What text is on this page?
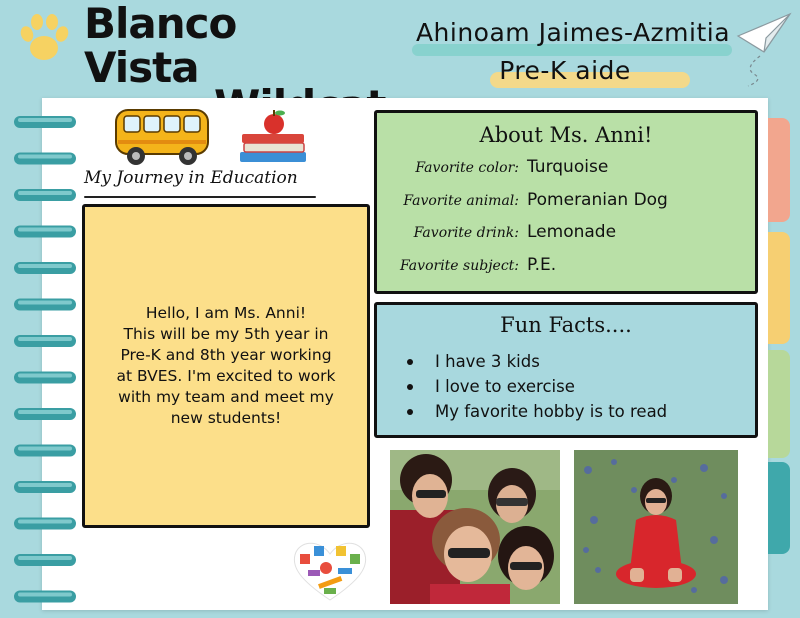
Blanco Vista
Ahinoam Jaimes-Azmitia
Pre-K aide
My Journey in Education
Hello, I am Ms. Anni!
This will be my 5th year in
Pre-K and 8th year working
at BVES. I'm excited to work
with my team and meet my
new students!
About Ms. Anni!
Favorite color: Turquoise
Favorite animal: Pomeranian Dog
Favorite drink: Lemonade
Favorite subject: P.E.
Fun Facts....
I have 3 kids
I love to exercise
My favorite hobby is to read
